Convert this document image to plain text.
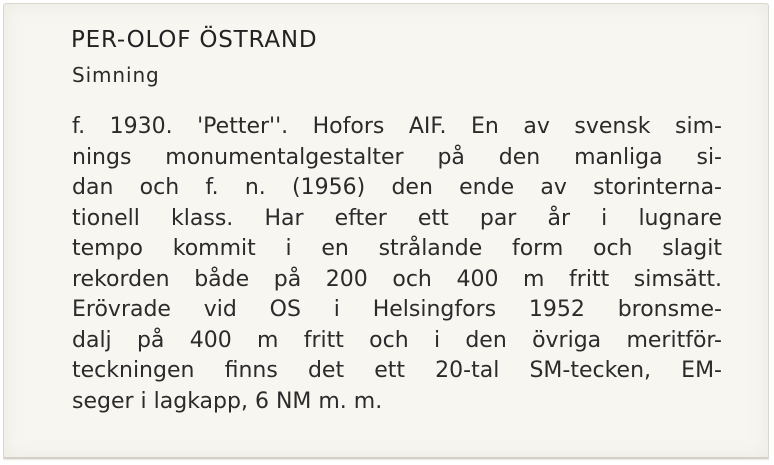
PER-OLOF ÖSTRAND
Simning
f. 1930. 'Petter''. Hofors AIF. En av svensk sim-
nings monumentalgestalter på den manliga si-
dan och f. n. (1956) den ende av storinterna-
tionell klass. Har efter ett par år i lugnare
tempo kommit i en strålande form och slagit
rekorden både på 200 och 400 m fritt simsätt.
Erövrade vid OS i Helsingfors 1952 bronsme-
dalj på 400 m fritt och i den övriga meritför-
teckningen finns det ett 20-tal SM-tecken, EM-
seger i lagkapp, 6 NM m. m.
